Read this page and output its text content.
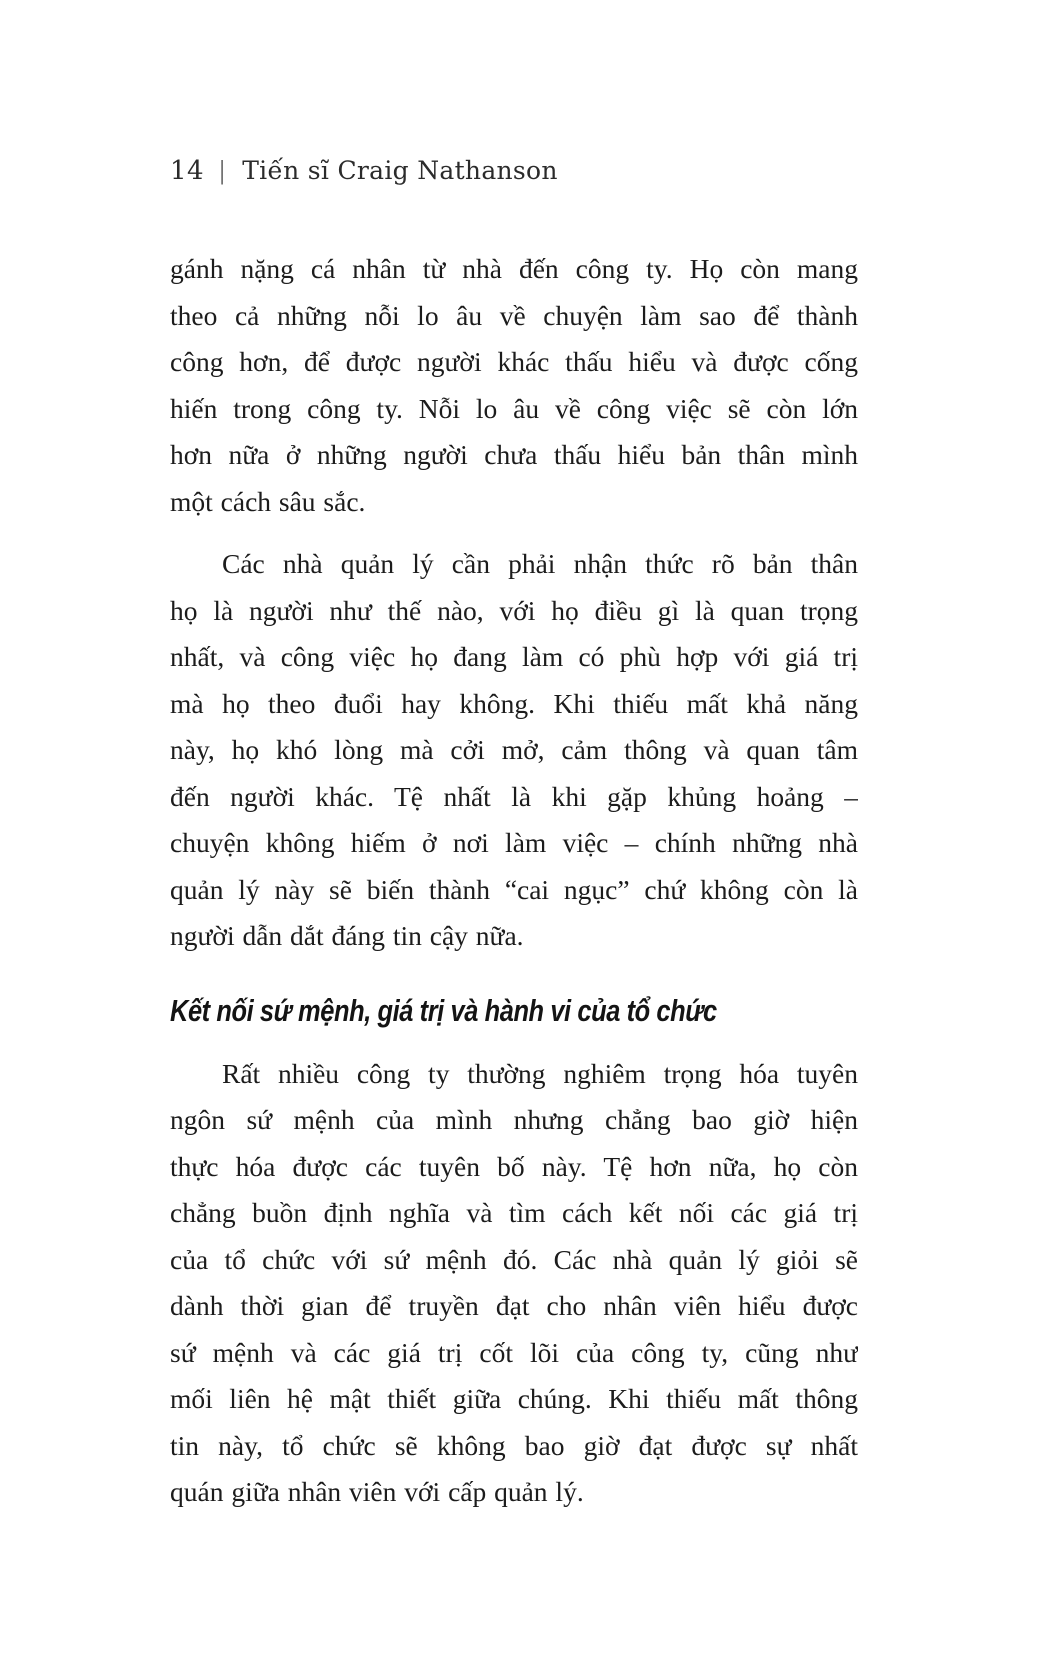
14 | Tiến sĩ Craig Nathanson
gánh nặng cá nhân từ nhà đến công ty. Họ còn mang
theo cả những nỗi lo âu về chuyện làm sao để thành
công hơn, để được người khác thấu hiểu và được cống
hiến trong công ty. Nỗi lo âu về công việc sẽ còn lớn
hơn nữa ở những người chưa thấu hiểu bản thân mình
một cách sâu sắc.
Các nhà quản lý cần phải nhận thức rõ bản thân
họ là người như thế nào, với họ điều gì là quan trọng
nhất, và công việc họ đang làm có phù hợp với giá trị
mà họ theo đuổi hay không. Khi thiếu mất khả năng
này, họ khó lòng mà cởi mở, cảm thông và quan tâm
đến người khác. Tệ nhất là khi gặp khủng hoảng –
chuyện không hiếm ở nơi làm việc – chính những nhà
quản lý này sẽ biến thành “cai ngục” chứ không còn là
người dẫn dắt đáng tin cậy nữa.
Kết nối sứ mệnh, giá trị và hành vi của tổ chức
Rất nhiều công ty thường nghiêm trọng hóa tuyên
ngôn sứ mệnh của mình nhưng chẳng bao giờ hiện
thực hóa được các tuyên bố này. Tệ hơn nữa, họ còn
chẳng buồn định nghĩa và tìm cách kết nối các giá trị
của tổ chức với sứ mệnh đó. Các nhà quản lý giỏi sẽ
dành thời gian để truyền đạt cho nhân viên hiểu được
sứ mệnh và các giá trị cốt lõi của công ty, cũng như
mối liên hệ mật thiết giữa chúng. Khi thiếu mất thông
tin này, tổ chức sẽ không bao giờ đạt được sự nhất
quán giữa nhân viên với cấp quản lý.
